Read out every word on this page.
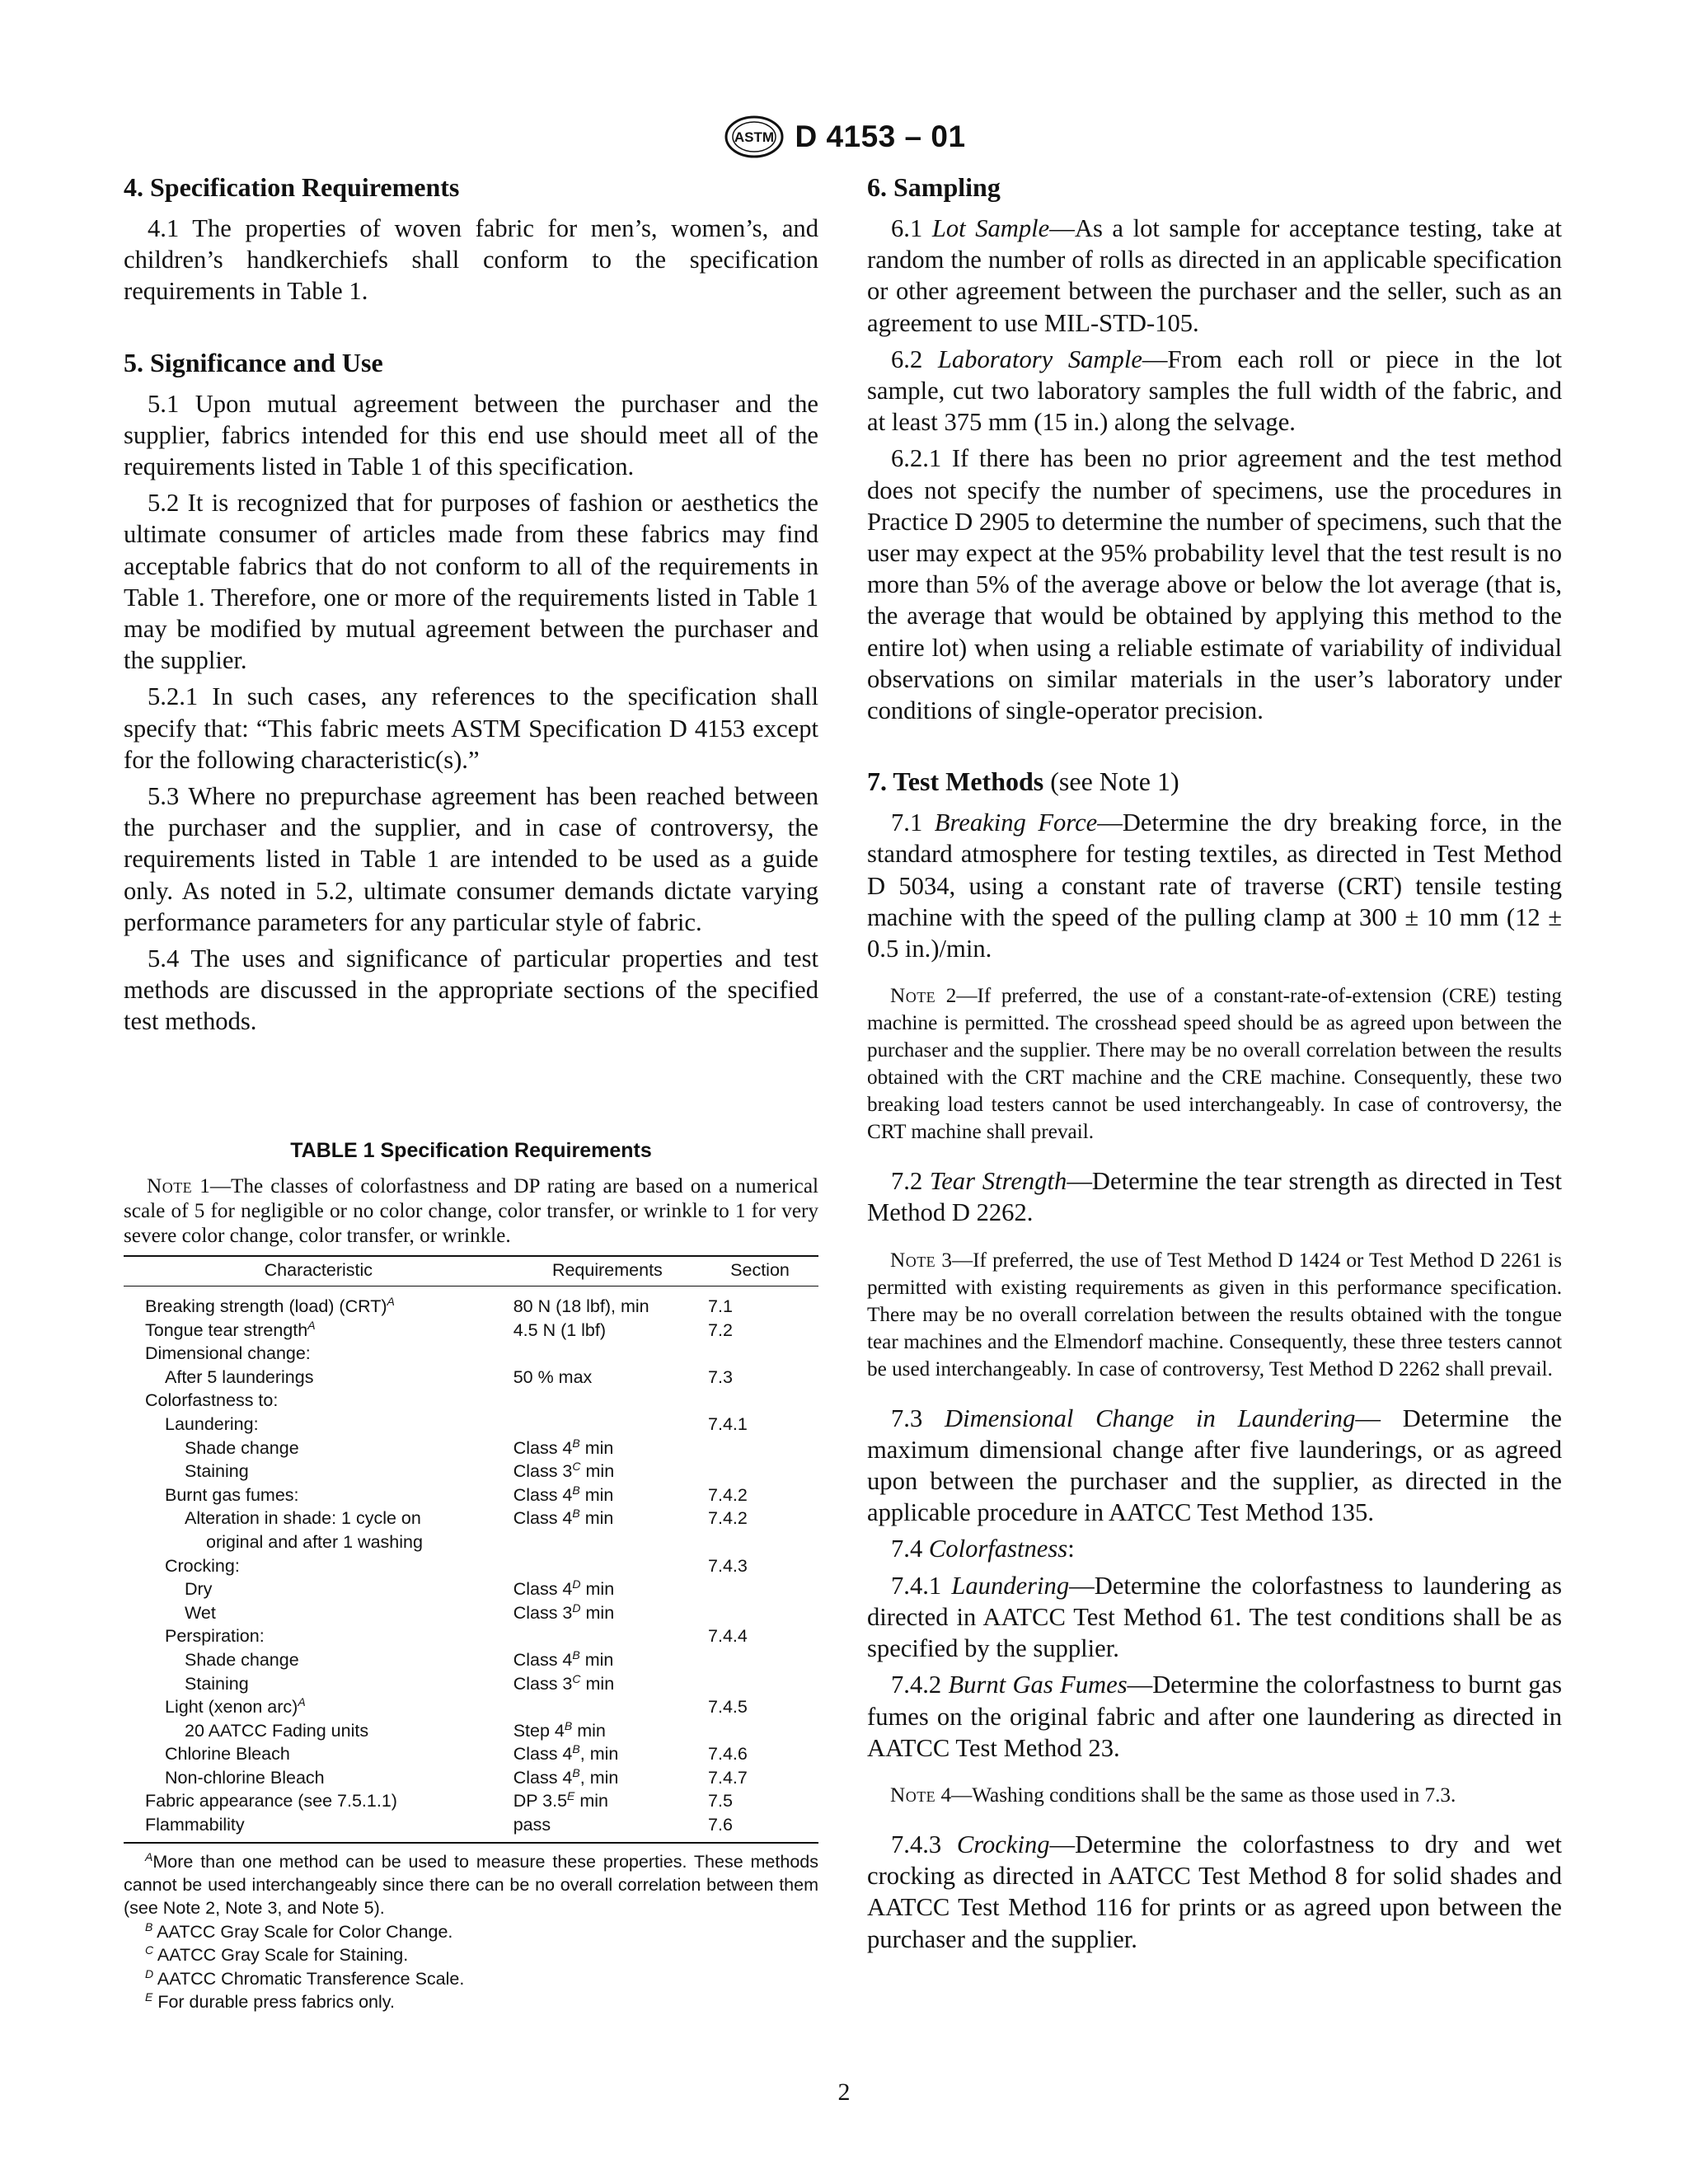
ASTM D 4153 – 01
4. Specification Requirements

4.1 The properties of woven fabric for men’s, women’s, and children’s handkerchiefs shall conform to the specification requirements in Table 1.

5. Significance and Use

5.1 Upon mutual agreement between the purchaser and the supplier, fabrics intended for this end use should meet all of the requirements listed in Table 1 of this specification.

5.2 It is recognized that for purposes of fashion or aesthetics the ultimate consumer of articles made from these fabrics may find acceptable fabrics that do not conform to all of the requirements in Table 1. Therefore, one or more of the requirements listed in Table 1 may be modified by mutual agreement between the purchaser and the supplier.

5.2.1 In such cases, any references to the specification shall specify that: “This fabric meets ASTM Specification D 4153 except for the following characteristic(s).”

5.3 Where no prepurchase agreement has been reached between the purchaser and the supplier, and in case of controversy, the requirements listed in Table 1 are intended to be used as a guide only. As noted in 5.2, ultimate consumer demands dictate varying performance parameters for any particular style of fabric.

5.4 The uses and significance of particular properties and test methods are discussed in the appropriate sections of the specified test methods.

TABLE 1 Specification Requirements

Note 1—The classes of colorfastness and DP rating are based on a numerical scale of 5 for negligible or no color change, color transfer, or wrinkle to 1 for very severe color change, color transfer, or wrinkle.

Characteristic	Requirements	Section
Breaking strength (load) (CRT)$^A$	80 N (18 lbf), min	7.1
Tongue tear strength$^A$	4.5 N (1 lbf)	7.2
Dimensional change:		
After 5 launderings	50 % max	7.3
Colorfastness to:		
Laundering:		7.4.1
Shade change	Class $4^B$ min	
Staining	Class $3^C$ min	
Burnt gas fumes:	Class $4^B$ min	7.4.2
Alteration in shade: 1 cycle on	Class $4^B$ min	7.4.2
original and after 1 washing		
Crocking:		7.4.3
Dry	Class $4^D$ min	
Wet	Class $3^D$ min	
Perspiration:		7.4.4
Shade change	Class $4^B$ min	
Staining	Class $3^C$ min	
Light (xenon arc)$^A$		7.4.5
20 AATCC Fading units	Step $4^B$ min	
Chlorine Bleach	Class $4^B$, min	7.4.6
Non-chlorine Bleach	Class $4^B$, min	7.4.7
Fabric appearance (see 7.5.1.1)	DP $3.5^E$ min	7.5
Flammability	pass	7.6

$^A$More than one method can be used to measure these properties. These methods cannot be used interchangeably since there can be no overall correlation between them (see Note 2, Note 3, and Note 5).

$^B$ AATCC Gray Scale for Color Change.

$^C$ AATCC Gray Scale for Staining.

$^D$ AATCC Chromatic Transference Scale.

$^E$ For durable press fabrics only.

6. Sampling

6.1 Lot Sample—As a lot sample for acceptance testing, take at random the number of rolls as directed in an applicable specification or other agreement between the purchaser and the seller, such as an agreement to use MIL-STD-105.

6.2 Laboratory Sample—From each roll or piece in the lot sample, cut two laboratory samples the full width of the fabric, and at least 375 mm (15 in.) along the selvage.

6.2.1 If there has been no prior agreement and the test method does not specify the number of specimens, use the procedures in Practice D 2905 to determine the number of specimens, such that the user may expect at the 95% probability level that the test result is no more than 5% of the average above or below the lot average (that is, the average that would be obtained by applying this method to the entire lot) when using a reliable estimate of variability of individual observations on similar materials in the user’s laboratory under conditions of single-operator precision.

7. Test Methods (see Note 1)

7.1 Breaking Force—Determine the dry breaking force, in the standard atmosphere for testing textiles, as directed in Test Method D 5034, using a constant rate of traverse (CRT) tensile testing machine with the speed of the pulling clamp at 300 ± 10 mm (12 ± 0.5 in.)/min.

Note 2—If preferred, the use of a constant-rate-of-extension (CRE) testing machine is permitted. The crosshead speed should be as agreed upon between the purchaser and the supplier. There may be no overall correlation between the results obtained with the CRT machine and the CRE machine. Consequently, these two breaking load testers cannot be used interchangeably. In case of controversy, the CRT machine shall prevail.

7.2 Tear Strength—Determine the tear strength as directed in Test Method D 2262.

Note 3—If preferred, the use of Test Method D 1424 or Test Method D 2261 is permitted with existing requirements as given in this performance specification. There may be no overall correlation between the results obtained with the tongue tear machines and the Elmendorf machine. Consequently, these three testers cannot be used interchangeably. In case of controversy, Test Method D 2262 shall prevail.

7.3 Dimensional Change in Laundering— Determine the maximum dimensional change after five launderings, or as agreed upon between the purchaser and the supplier, as directed in the applicable procedure in AATCC Test Method 135.

7.4 Colorfastness:

7.4.1 Laundering—Determine the colorfastness to laundering as directed in AATCC Test Method 61. The test conditions shall be as specified by the supplier.

7.4.2 Burnt Gas Fumes—Determine the colorfastness to burnt gas fumes on the original fabric and after one laundering as directed in AATCC Test Method 23.

Note 4—Washing conditions shall be the same as those used in 7.3.

7.4.3 Crocking—Determine the colorfastness to dry and wet crocking as directed in AATCC Test Method 8 for solid shades and AATCC Test Method 116 for prints or as agreed upon between the purchaser and the supplier.

2
